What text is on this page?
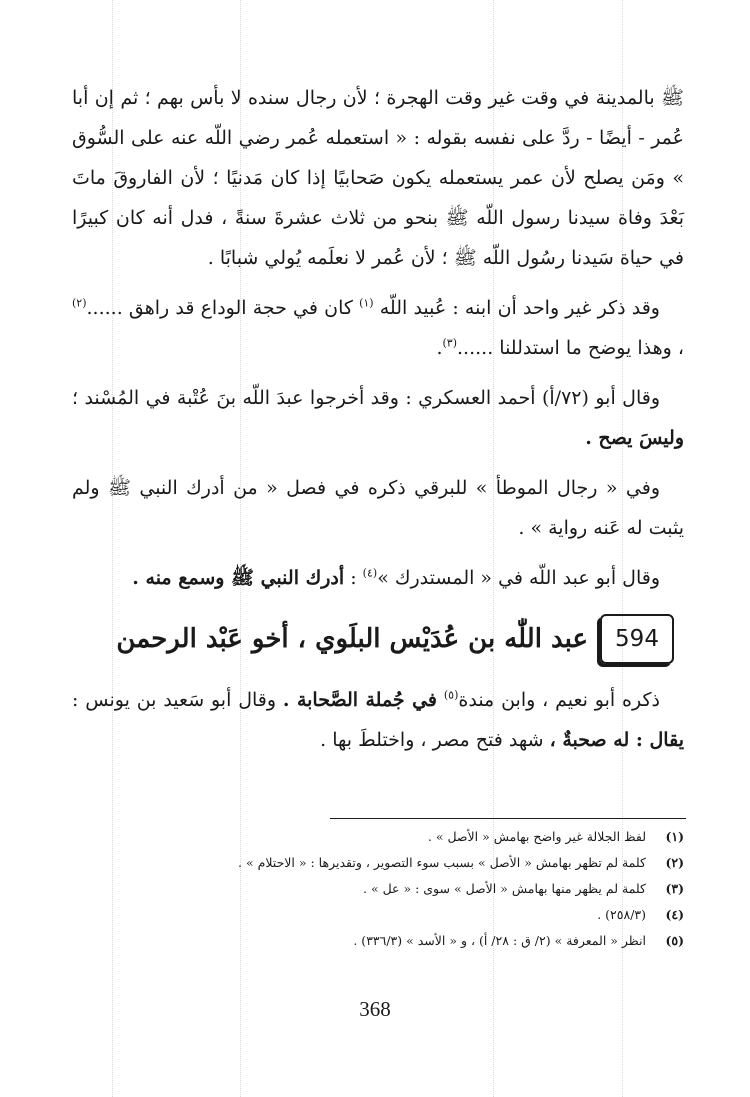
ﷺ بالمدينة في وقت غير وقت الهجرة ؛ لأن رجال سنده لا بأس بهم ؛ ثم إن أبا عُمر - أيضًا - ردَّ على نفسه بقوله : « استعمله عُمر رضي اللّه عنه على السُّوق » ومَن يصلح لأن عمر يستعمله يكون صَحابيًا إذا كان مَدنيًا ؛ لأن الفاروقَ ماتَ بَعْدَ وفاة سيدنا رسول اللّه ﷺ بنحو من ثلاث عشرةَ سنةً ، فدل أنه كان كبيرًا في حياة سَيدنا رسُول اللّه ﷺ ؛ لأن عُمر لا نعلَمه يُولي شبابًا .

وقد ذكر غير واحد أن ابنه : عُبيد اللّه $^{(١)}$ كان في حجة الوداع قد راهق ......$^{(٢)}$ ، وهذا يوضح ما استدللنا ......$^{(٣)}$.

وقال أبو (٧٢/أ) أحمد العسكري : وقد أخرجوا عبدَ اللّه بنَ عُتْبة في المُسْند ؛ وليسَ يصح .

وفي « رجال الموطأ » للبرقي ذكره في فصل « من أدرك النبي ﷺ ولم يثبت له عَنه رواية » .

وقال أبو عبد اللّه في « المستدرك »$^{(٤)}$ : أدرك النبي ﷺ وسمع منه .

594
عبد اللّٰه بن عُدَيْس البلَوي ، أخو عَبْد الرحمن

ذكره أبو نعيم ، وابن مندة$^{(٥)}$ في جُملة الصَّحابة . وقال أبو سَعيد بن يونس : يقال : له صحبةٌ ، شهد فتح مصر ، واختلطَ بها .

(١) لفظ الجلالة غير واضح بهامش « الأصل » .
(٢) كلمة لم تظهر بهامش « الأصل » بسبب سوء التصوير ، وتقديرها : « الاحتلام » .
(٣) كلمة لم يظهر منها بهامش « الأصل » سوى : « عل » .
(٤) (٢٥٨/٣) .
(٥) انظر « المعرفة » (٢/ ق : ٢٨/ أ) ، و « الأسد » (٣٣٦/٣) .
368
